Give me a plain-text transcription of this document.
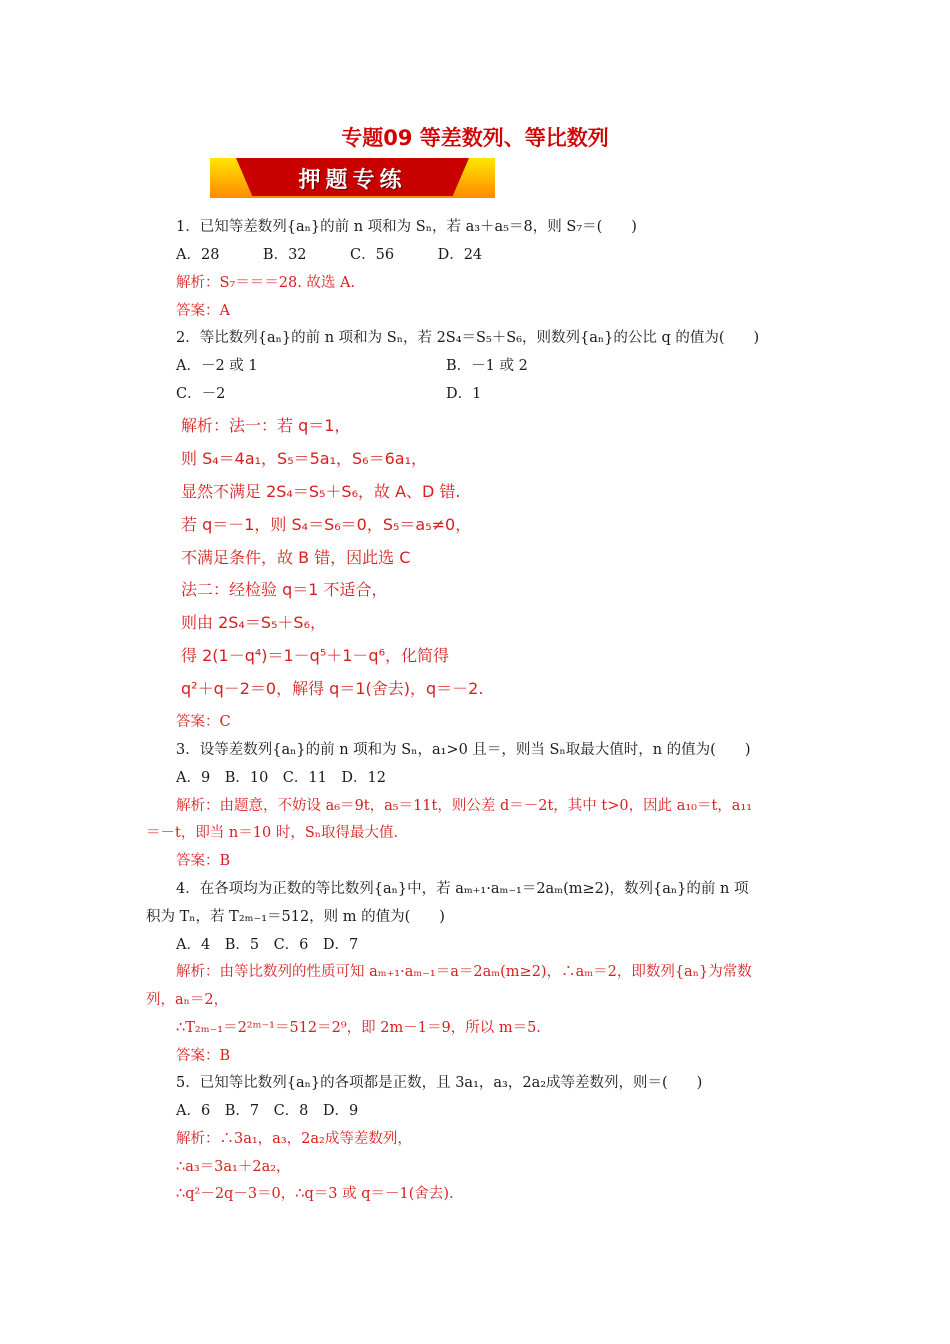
专题09 等差数列、等比数列
押题专练

1．已知等差数列{aₙ}的前 n 项和为 Sₙ，若 a₃＋a₅＝8，则 S₇＝(　　)

A．28　　　B．32　　　C．56　　　D．24

解析：S₇＝＝＝28. 故选 A.

答案：A

2．等比数列{aₙ}的前 n 项和为 Sₙ，若 2S₄＝S₅＋S₆，则数列{aₙ}的公比 q 的值为(　　)

A．－2 或 1	B．－1 或 2

C．－2	D．1

解析：法一：若 q＝1，

则 S₄＝4a₁，S₅＝5a₁，S₆＝6a₁，

显然不满足 2S₄＝S₅＋S₆，故 A、D 错.

若 q＝－1，则 S₄＝S₆＝0，S₅＝a₅≠0，

不满足条件，故 B 错，因此选 C

法二：经检验 q＝1 不适合，

则由 2S₄＝S₅＋S₆，

得 2(1－q⁴)＝1－q⁵＋1－q⁶，化简得

q²＋q－2＝0，解得 q＝1(舍去)，q＝－2.

答案：C

3．设等差数列{aₙ}的前 n 项和为 Sₙ，a₁>0 且＝，则当 Sₙ取最大值时，n 的值为(　　)

A．9　B．10　C．11　D．12

解析：由题意，不妨设 a₆＝9t，a₅＝11t，则公差 d＝－2t，其中 t>0，因此 a₁₀＝t，a₁₁

＝－t，即当 n＝10 时，Sₙ取得最大值.

答案：B

4．在各项均为正数的等比数列{aₙ}中，若 aₘ₊₁·aₘ₋₁＝2aₘ(m≥2)，数列{aₙ}的前 n 项

积为 Tₙ，若 T₂ₘ₋₁＝512，则 m 的值为(　　)

A．4　B．5　C．6　D．7

解析：由等比数列的性质可知 aₘ₊₁·aₘ₋₁＝a＝2aₘ(m≥2)，∴aₘ＝2，即数列{aₙ}为常数

列，aₙ＝2，

∴T₂ₘ₋₁＝2²ᵐ⁻¹＝512＝2⁹，即 2m－1＝9，所以 m＝5.

答案：B

5．已知等比数列{aₙ}的各项都是正数，且 3a₁，a₃，2a₂成等差数列，则＝(　　)

A．6　B．7　C．8　D．9

解析：∴3a₁，a₃，2a₂成等差数列，

∴a₃＝3a₁＋2a₂，

∴q²－2q－3＝0，∴q＝3 或 q＝－1(舍去).
